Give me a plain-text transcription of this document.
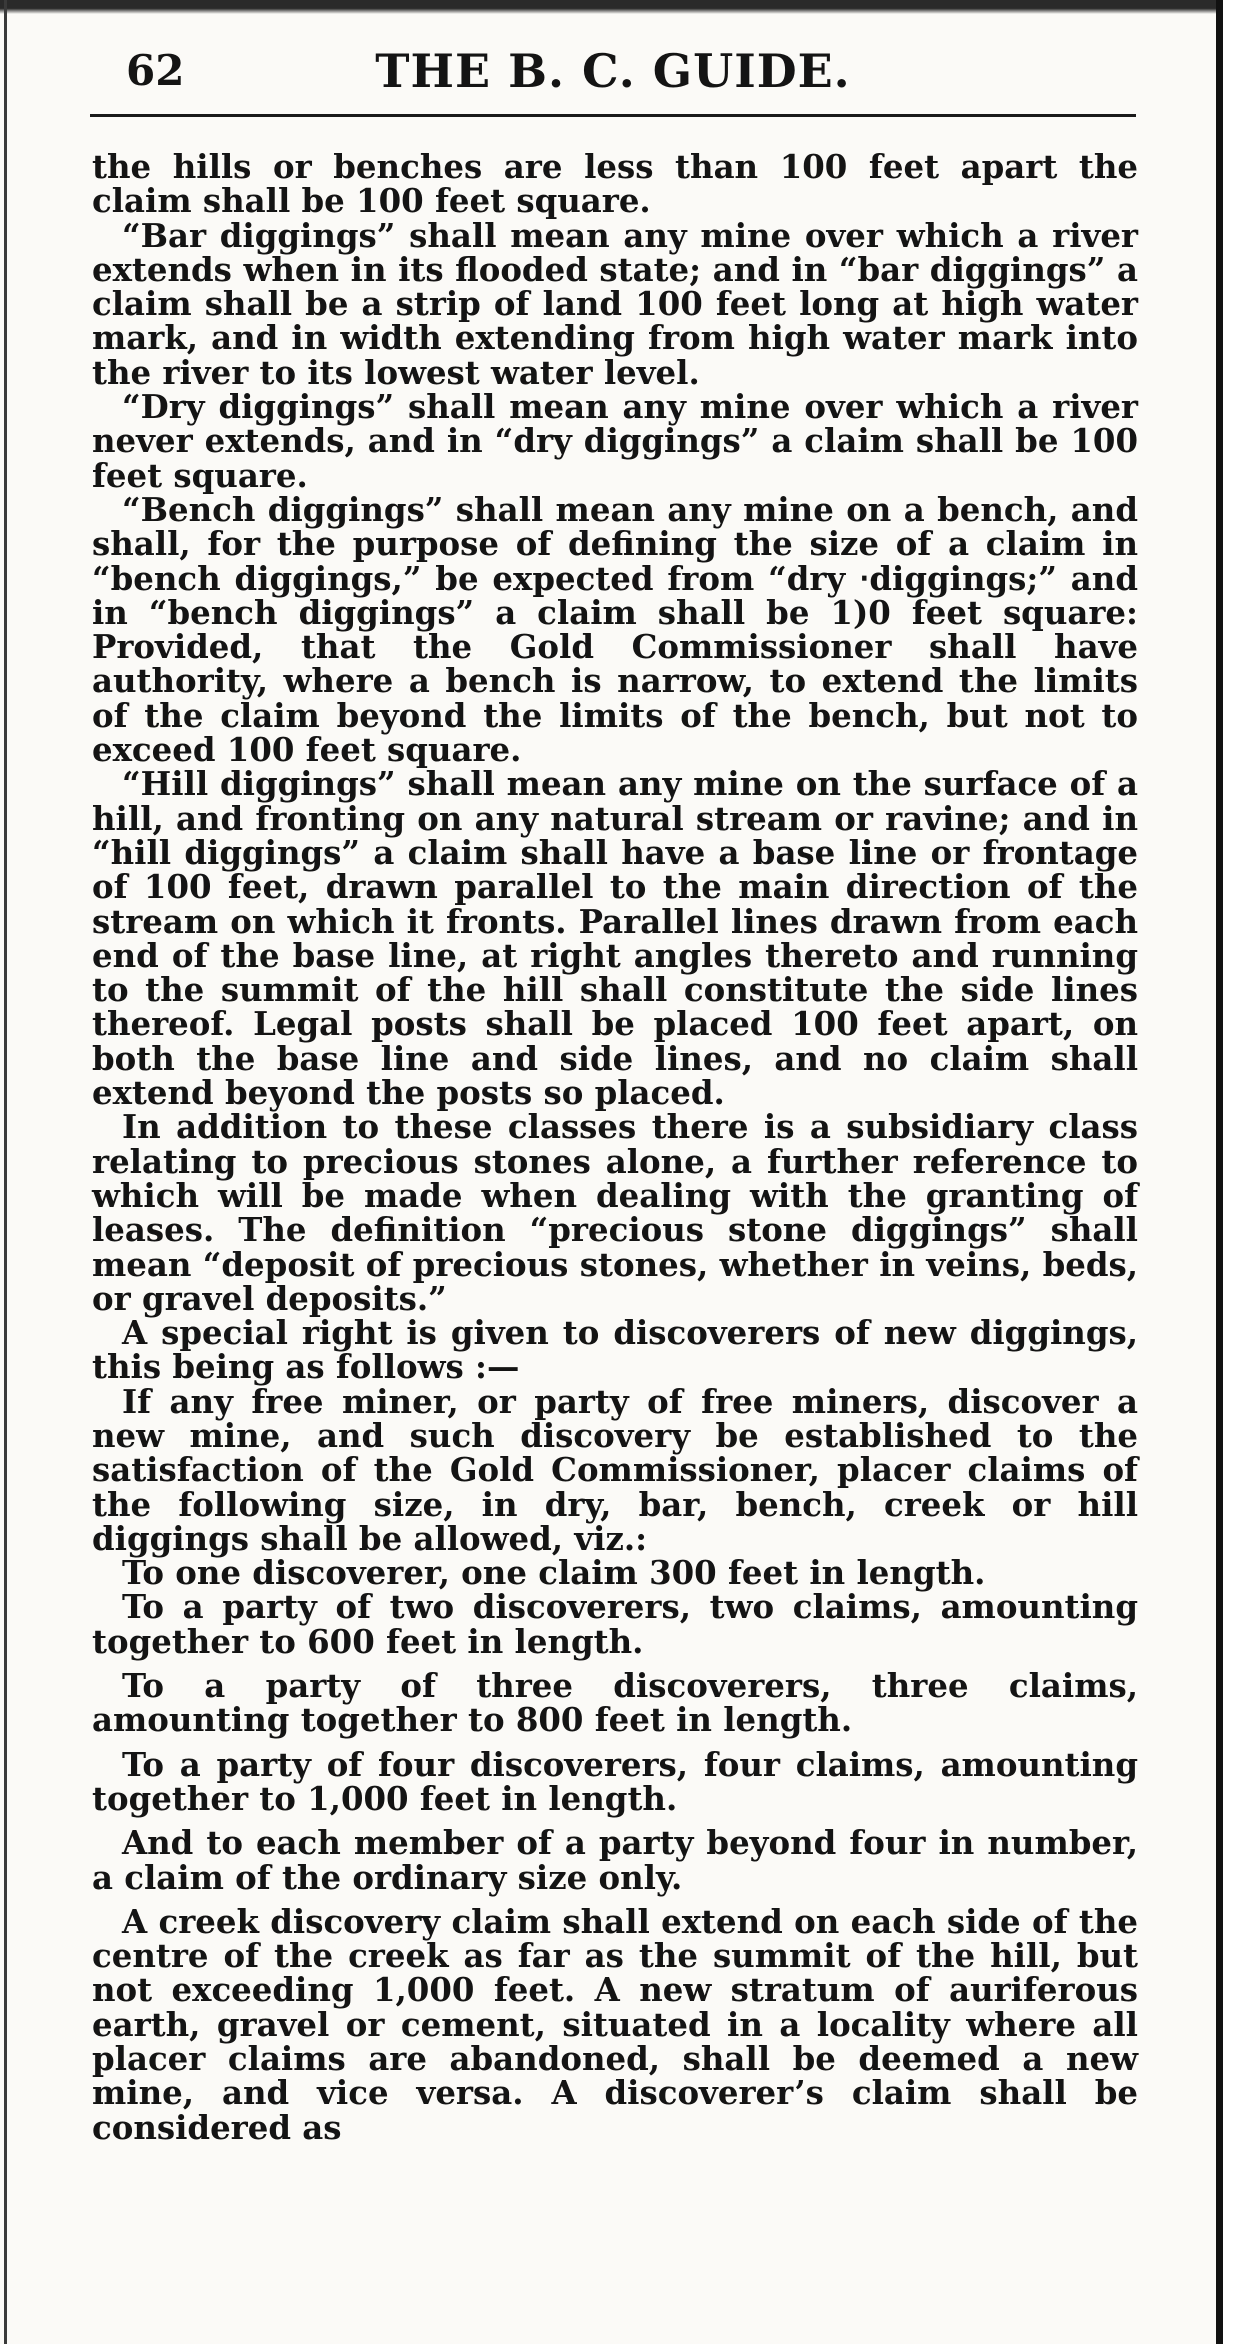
62	THE B. C. GUIDE.

the hills or benches are less than 100 feet apart the claim shall be 100 feet square.

“Bar diggings” shall mean any mine over which a river extends when in its flooded state; and in “bar diggings” a claim shall be a strip of land 100 feet long at high water mark, and in width extending from high water mark into the river to its lowest water level.

“Dry diggings” shall mean any mine over which a river never extends, and in “dry diggings” a claim shall be 100 feet square.

“Bench diggings” shall mean any mine on a bench, and shall, for the purpose of defining the size of a claim in “bench diggings,” be expected from “dry ‧diggings;” and in “bench diggings” a claim shall be 1)0 feet square: Provided, that the Gold Commissioner shall have authority, where a bench is narrow, to extend the limits of the claim beyond the limits of the bench, but not to exceed 100 feet square.

“Hill diggings” shall mean any mine on the surface of a hill, and fronting on any natural stream or ravine; and in “hill diggings” a claim shall have a base line or frontage of 100 feet, drawn parallel to the main direction of the stream on which it fronts. Parallel lines drawn from each end of the base line, at right angles thereto and running to the summit of the hill shall constitute the side lines thereof. Legal posts shall be placed 100 feet apart, on both the base line and side lines, and no claim shall extend beyond the posts so placed.

In addition to these classes there is a subsidiary class relating to precious stones alone, a further reference to which will be made when dealing with the granting of leases. The definition “precious stone diggings” shall mean “deposit of precious stones, whether in veins, beds, or gravel deposits.”

A special right is given to discoverers of new diggings, this being as follows :—

If any free miner, or party of free miners, discover a new mine, and such discovery be established to the satisfaction of the Gold Commissioner, placer claims of the following size, in dry, bar, bench, creek or hill diggings shall be allowed, viz.:

To one discoverer, one claim 300 feet in length.

To a party of two discoverers, two claims, amounting together to 600 feet in length.

To a party of three discoverers, three claims, amounting together to 800 feet in length.

To a party of four discoverers, four claims, amounting together to 1,000 feet in length.

And to each member of a party beyond four in number, a claim of the ordinary size only.

A creek discovery claim shall extend on each side of the centre of the creek as far as the summit of the hill, but not exceeding 1,000 feet. A new stratum of auriferous earth, gravel or cement, situated in a locality where all placer claims are abandoned, shall be deemed a new mine, and vice versa. A discoverer’s claim shall be considered as
